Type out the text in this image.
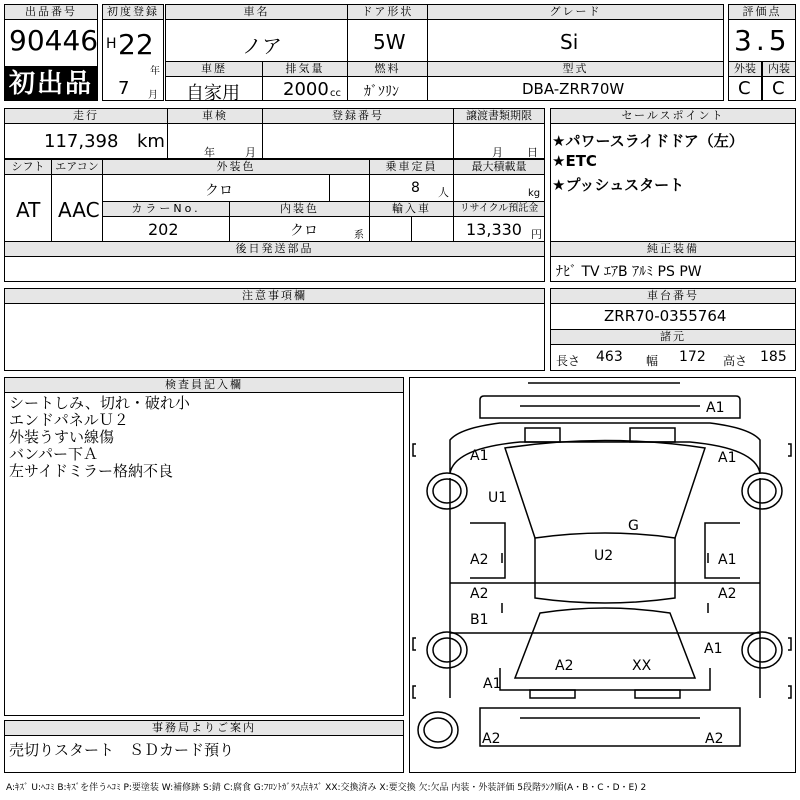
出品番号
90446
初出品
初度登録
H 22
年
7 月
車名
ノア
ドア形状
5W
グレード
Si
評価点
3.5
車歴
自家用
排気量
2000 cc
燃料
ｶﾞｿﾘﾝ
型式
DBA-ZRR70W
外装	内装
C C
走行
117,398 km
車検
年	月
登録番号	譲渡書類期限
月 日
シフト
AT
エアコン
AAC
外装色
クロ
乗車定員
8 人
最大積載量
kg
カラーNo.
202
内装色
クロ	系
輸入車	リサイクル預託金
13,330 円
後日発送部品
セールスポイント
★パワースライドドア（左）
★ETC
★プッシュスタート
純正装備
ﾅﾋﾞ TV ｴｱB ｱﾙﾐ PS PW
注意事項欄	車台番号
ZRR70-0355764
諸元
長さ 463 幅 172 高さ 185
検査員記入欄
シートしみ、切れ・破れ小
エンドパネルＵ２
外装うすい線傷
バンパー下Ａ
左サイドミラー格納不良
事務局よりご案内
売切りスタート　ＳＤカード預り
A1
A1	A1
U1
G
U2
A2	A1
A2	A2
B1
A1
A2	XX
A1
A2	A2
A:ｷｽﾞ U:ﾍｺﾐ B:ｷｽﾞを伴うﾍｺﾐ P:要塗装 W:補修跡 S:錆 C:腐食 G:ﾌﾛﾝﾄｶﾞﾗｽ点ｷｽﾞ XX:交換済み X:要交換 欠:欠品 内装・外装評価 5段階ﾗﾝｸ順(A・B・C・D・E) 2
